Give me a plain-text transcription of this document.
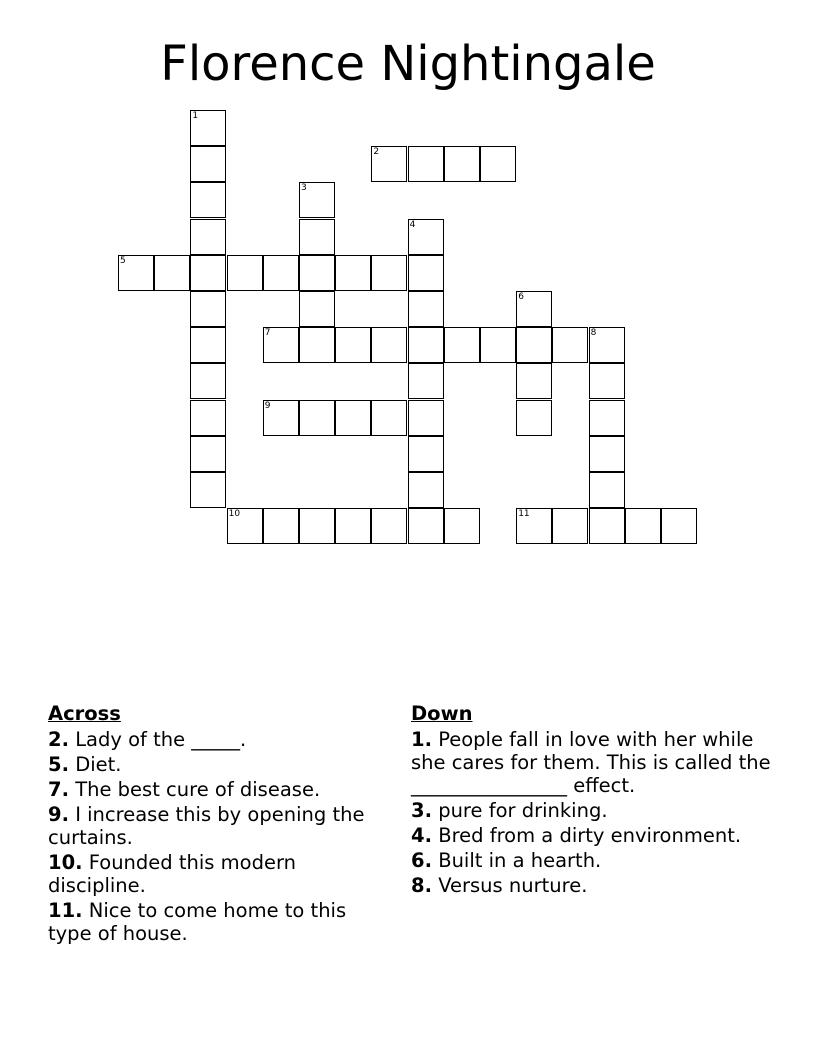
Florence Nightingale
1
2
3
4
5
6
7	8
9
10	11
Across
2. Lady of the _____.
5. Diet.
7. The best cure of disease.
9. I increase this by opening the curtains.
10. Founded this modern discipline.
11. Nice to come home to this type of house.
Down
1. People fall in love with her while she cares for them. This is called the ________________ effect.
3. pure for drinking.
4. Bred from a dirty environment.
6. Built in a hearth.
8. Versus nurture.
